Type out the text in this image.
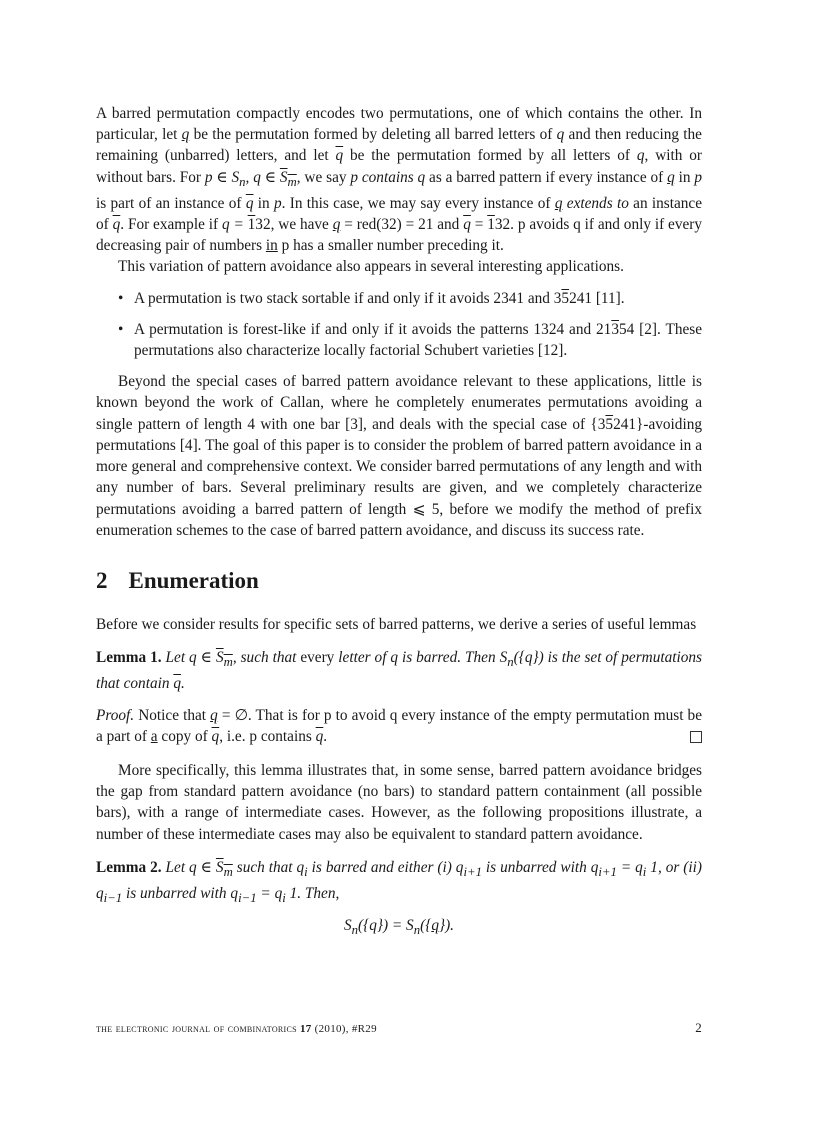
A barred permutation compactly encodes two permutations, one of which contains the other. In particular, let q be the permutation formed by deleting all barred letters of q and then reducing the remaining (unbarred) letters, and let $\overline{q}$ be the permutation formed by all letters of q, with or without bars. For p ∈ $S_n$, q ∈ $S_m$, we say p contains q as a barred pattern if every instance of q in p is part of an instance of $\overline{q}$ in p. In this case, we may say every instance of q extends to an instance of $\overline{q}$. For example if q = 132, we have q = red(32) = 21 and $\overline{q} = 132$. p avoids q if and only if every decreasing pair of numbers in p has a smaller number preceding it.

This variation of pattern avoidance also appears in several interesting applications.

• A permutation is two stack sortable if and only if it avoids 2341 and 35241 [11].
• A permutation is forest-like if and only if it avoids the patterns 1324 and 21354 [2]. These permutations also characterize locally factorial Schubert varieties [12].

Beyond the special cases of barred pattern avoidance relevant to these applications, little is known beyond the work of Callan, where he completely enumerates permutations avoiding a single pattern of length 4 with one bar [3], and deals with the special case of {35241}-avoiding permutations [4]. The goal of this paper is to consider the problem of barred pattern avoidance in a more general and comprehensive context. We consider barred permutations of any length and with any number of bars. Several preliminary results are given, and we completely characterize permutations avoiding a barred pattern of length ⩽ 5, before we modify the method of prefix enumeration schemes to the case of barred pattern avoidance, and discuss its success rate.

2 Enumeration

Before we consider results for specific sets of barred patterns, we derive a series of useful lemmas

Lemma 1. Let q ∈ $S_m$, such that every letter of q is barred. Then $S_n(\{q\})$ is the set of permutations that contain $\overline{q}$.

Proof. Notice that q = ∅. That is for p to avoid q every instance of the empty permutation must be a part of a copy of $\overline{q}$, i.e. p contains $\overline{q}$.

More specifically, this lemma illustrates that, in some sense, barred pattern avoidance bridges the gap from standard pattern avoidance (no bars) to standard pattern containment (all possible bars), with a range of intermediate cases. However, as the following propositions illustrate, a number of these intermediate cases may also be equivalent to standard pattern avoidance.

Lemma 2. Let q ∈ $S_m$ such that $q_i$ is barred and either (i) $q_{i+1}$ is unbarred with $q_{i+1} = q_i$ 1, or (ii) $q_{i-1}$ is unbarred with $q_{i-1} = q_i$ 1. Then,

$S_n(\{q\}) = S_n(\{q\})$.

the electronic journal of combinatorics 17 (2010), #R29	2
